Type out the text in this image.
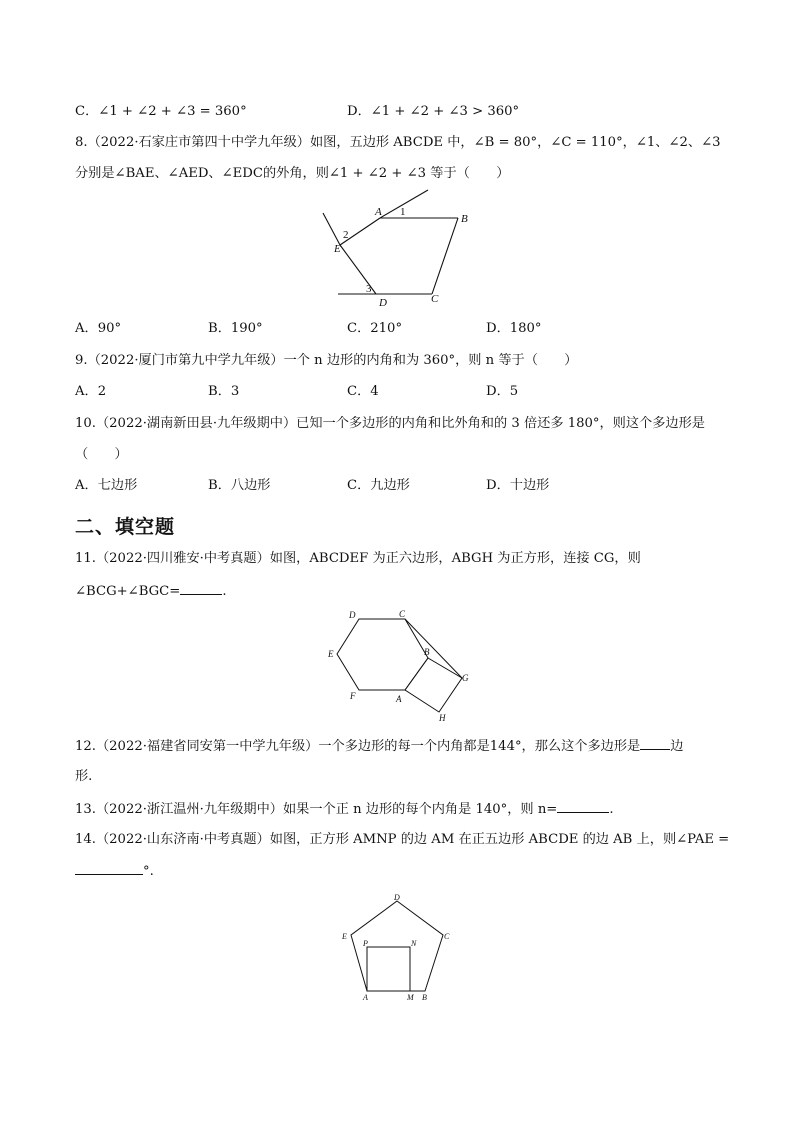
C．∠1 + ∠2 + ∠3 = 360°	D．∠1 + ∠2 + ∠3 > 360°
8.（2022·石家庄市第四十中学九年级）如图，五边形 ABCDE 中，∠B = 80°，∠C = 110°，∠1、∠2、∠3
分别是∠BAE、∠AED、∠EDC的外角，则∠1 + ∠2 + ∠3 等于（　　）
A 1
B
2
E
3
D	C
A．90°	B．190°	C．210°	D．180°
9.（2022·厦门市第九中学九年级）一个 n 边形的内角和为 360°，则 n 等于（　　）
A．2	B．3	C．4	D．5
10.（2022·湖南新田县·九年级期中）已知一个多边形的内角和比外角和的 3 倍还多 180°，则这个多边形是
（　　）
A．七边形	B．八边形	C．九边形	D．十边形
二、填空题
11.（2022·四川雅安·中考真题）如图，ABCDEF 为正六边形，ABGH 为正方形，连接 CG，则
∠BCG+∠BGC=	.
D	C
E	B
G
F	A
H
12.（2022·福建省同安第一中学九年级）一个多边形的每一个内角都是144°，那么这个多边形是 边
形.
13.（2022·浙江温州·九年级期中）如果一个正 n 边形的每个内角是 140°，则 n=	.
14.（2022·山东济南·中考真题）如图，正方形 AMNP 的边 AM 在正五边形 ABCDE 的边 AB 上，则∠PAE =
°.
D
E	C
P	N
A	M B
